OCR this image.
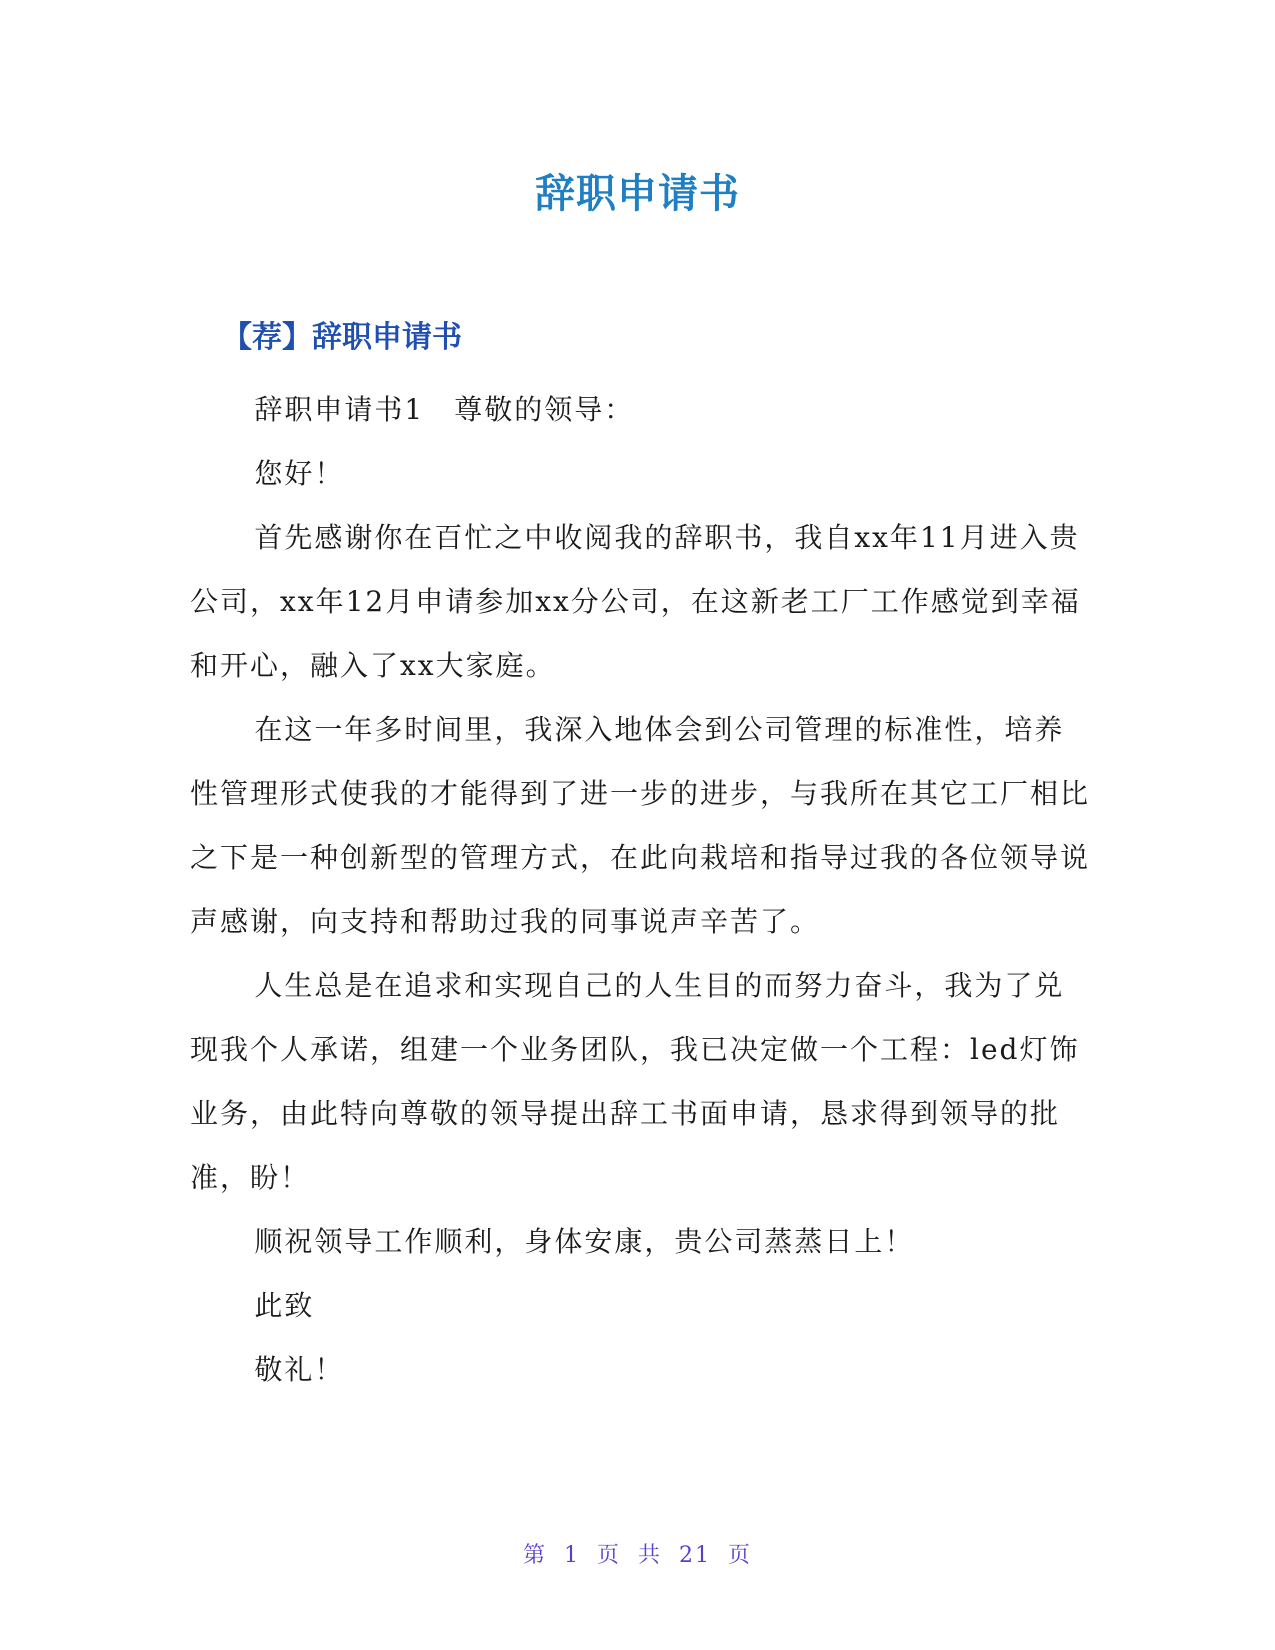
辞职申请书
【荐】辞职申请书

辞职申请书1　尊敬的领导：

您好！

首先感谢你在百忙之中收阅我的辞职书，我自xx年11月进入贵公司，xx年12月申请参加xx分公司，在这新老工厂工作感觉到幸福和开心，融入了xx大家庭。

在这一年多时间里，我深入地体会到公司管理的标准性，培养性管理形式使我的才能得到了进一步的进步，与我所在其它工厂相比之下是一种创新型的管理方式，在此向栽培和指导过我的各位领导说声感谢，向支持和帮助过我的同事说声辛苦了。

人生总是在追求和实现自己的人生目的而努力奋斗，我为了兑现我个人承诺，组建一个业务团队，我已决定做一个工程：led灯饰业务，由此特向尊敬的领导提出辞工书面申请，恳求得到领导的批准，盼！

顺祝领导工作顺利，身体安康，贵公司蒸蒸日上！

此致

敬礼！

第 1 页 共 21 页
